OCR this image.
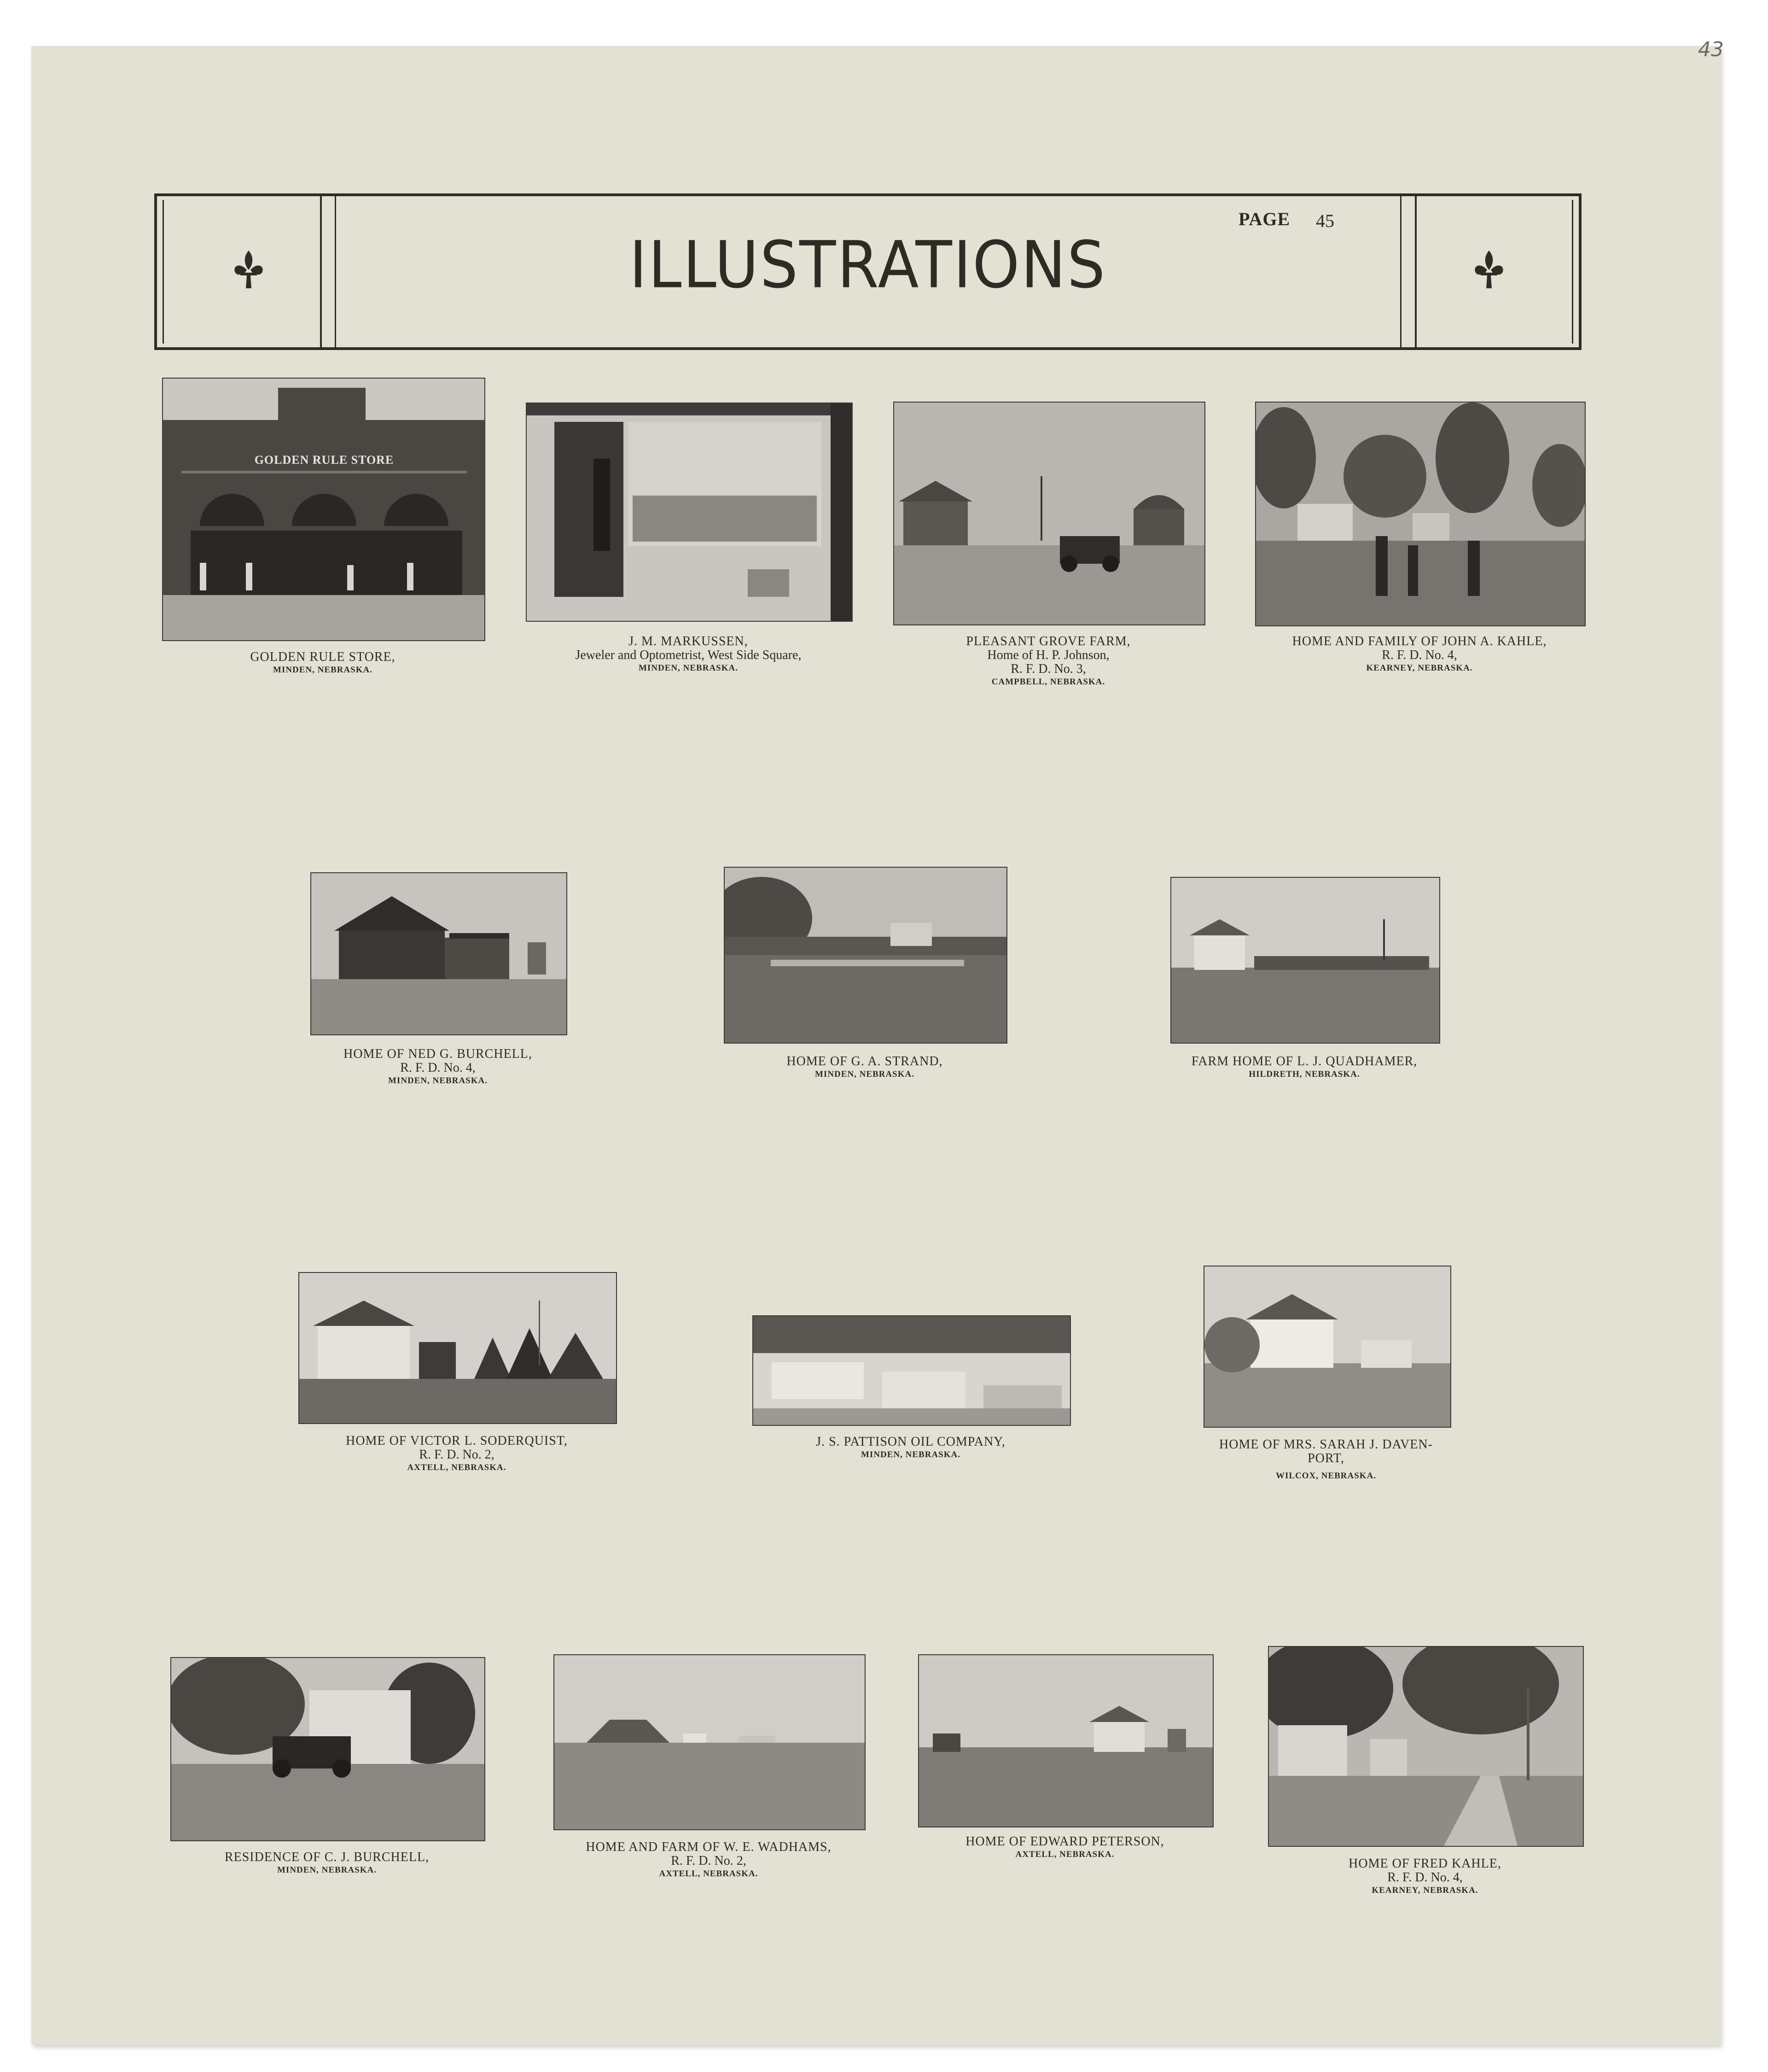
43
PAGE 45
ILLUSTRATIONS
GOLDEN RULE STORE
GOLDEN RULE STORE,
MINDEN, NEBRASKA.
J. M. MARKUSSEN,
Jeweler and Optometrist, West Side Square,
MINDEN, NEBRASKA.
PLEASANT GROVE FARM,
Home of H. P. Johnson,
R. F. D. No. 3,
CAMPBELL, NEBRASKA.
HOME AND FAMILY OF JOHN A. KAHLE,
R. F. D. No. 4,
KEARNEY, NEBRASKA.
HOME OF NED G. BURCHELL,
R. F. D. No. 4,
MINDEN, NEBRASKA.
HOME OF G. A. STRAND,
MINDEN, NEBRASKA.
FARM HOME OF L. J. QUADHAMER,
HILDRETH, NEBRASKA.
HOME OF VICTOR L. SODERQUIST,
R. F. D. No. 2,
AXTELL, NEBRASKA.
J. S. PATTISON OIL COMPANY,
MINDEN, NEBRASKA.
HOME OF MRS. SARAH J. DAVEN-
PORT,
WILCOX, NEBRASKA.
RESIDENCE OF C. J. BURCHELL,
MINDEN, NEBRASKA.
HOME AND FARM OF W. E. WADHAMS,
R. F. D. No. 2,
AXTELL, NEBRASKA.
HOME OF EDWARD PETERSON,
AXTELL, NEBRASKA.
HOME OF FRED KAHLE,
R. F. D. No. 4,
KEARNEY, NEBRASKA.
